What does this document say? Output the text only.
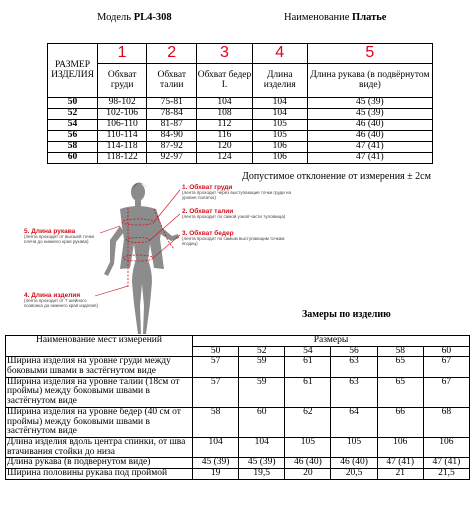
Модель PL4-308	Наименование Платье
РАЗМЕР ИЗДЕЛИЯ	1	2	3	4	5
	Обхват груди	Обхват талии	Обхват бедер I.	Длина изделия	Длина рукава (в подвёрнутом виде)
50	98-102	75-81	104	104	45 (39)
52	102-106	78-84	108	104	45 (39)
54	106-110	81-87	112	105	46 (40)
56	110-114	84-90	116	105	46 (40)
58	114-118	87-92	120	106	47 (41)
60	118-122	92-97	124	106	47 (41)
Допустимое отклонение от измерения ± 2см
1. Обхват груди
(лента проходит через выступающие точки груди на уровне лопаток)
2. Обхват талии
(лента проходит по самой узкой части туловища)
3. Обхват бедер
(лента проходит по самым выступающим точкам ягодиц)
5. Длина рукава
(лента проходит от высшей точки плеча до нижнего края рукава)
4. Длина изделия
(лента проходит от 7 шейного позвонка до нижнего края изделия)
Замеры по изделию
Наименование мест измерений	Размеры					
	50	52	54	56	58	60
Ширина изделия на уровне груди между боковыми швами в застёгнутом виде	57	59	61	63	65	67
Ширина изделия на уровне талии (18см от проймы) между боковыми швами в застёгнутом виде	57	59	61	63	65	67
Ширина изделия на уровне бедер (40 см от проймы) между боковыми швами в застёгнутом виде	58	60	62	64	66	68
Длина изделия вдоль центра спинки, от шва втачивания стойки до низа	104	104	105	105	106	106
Длина рукава (в подвернутом виде)	45 (39)	45 (39)	46 (40)	46 (40)	47 (41)	47 (41)
Ширина половины рукава под проймой	19	19,5	20	20,5	21	21,5
